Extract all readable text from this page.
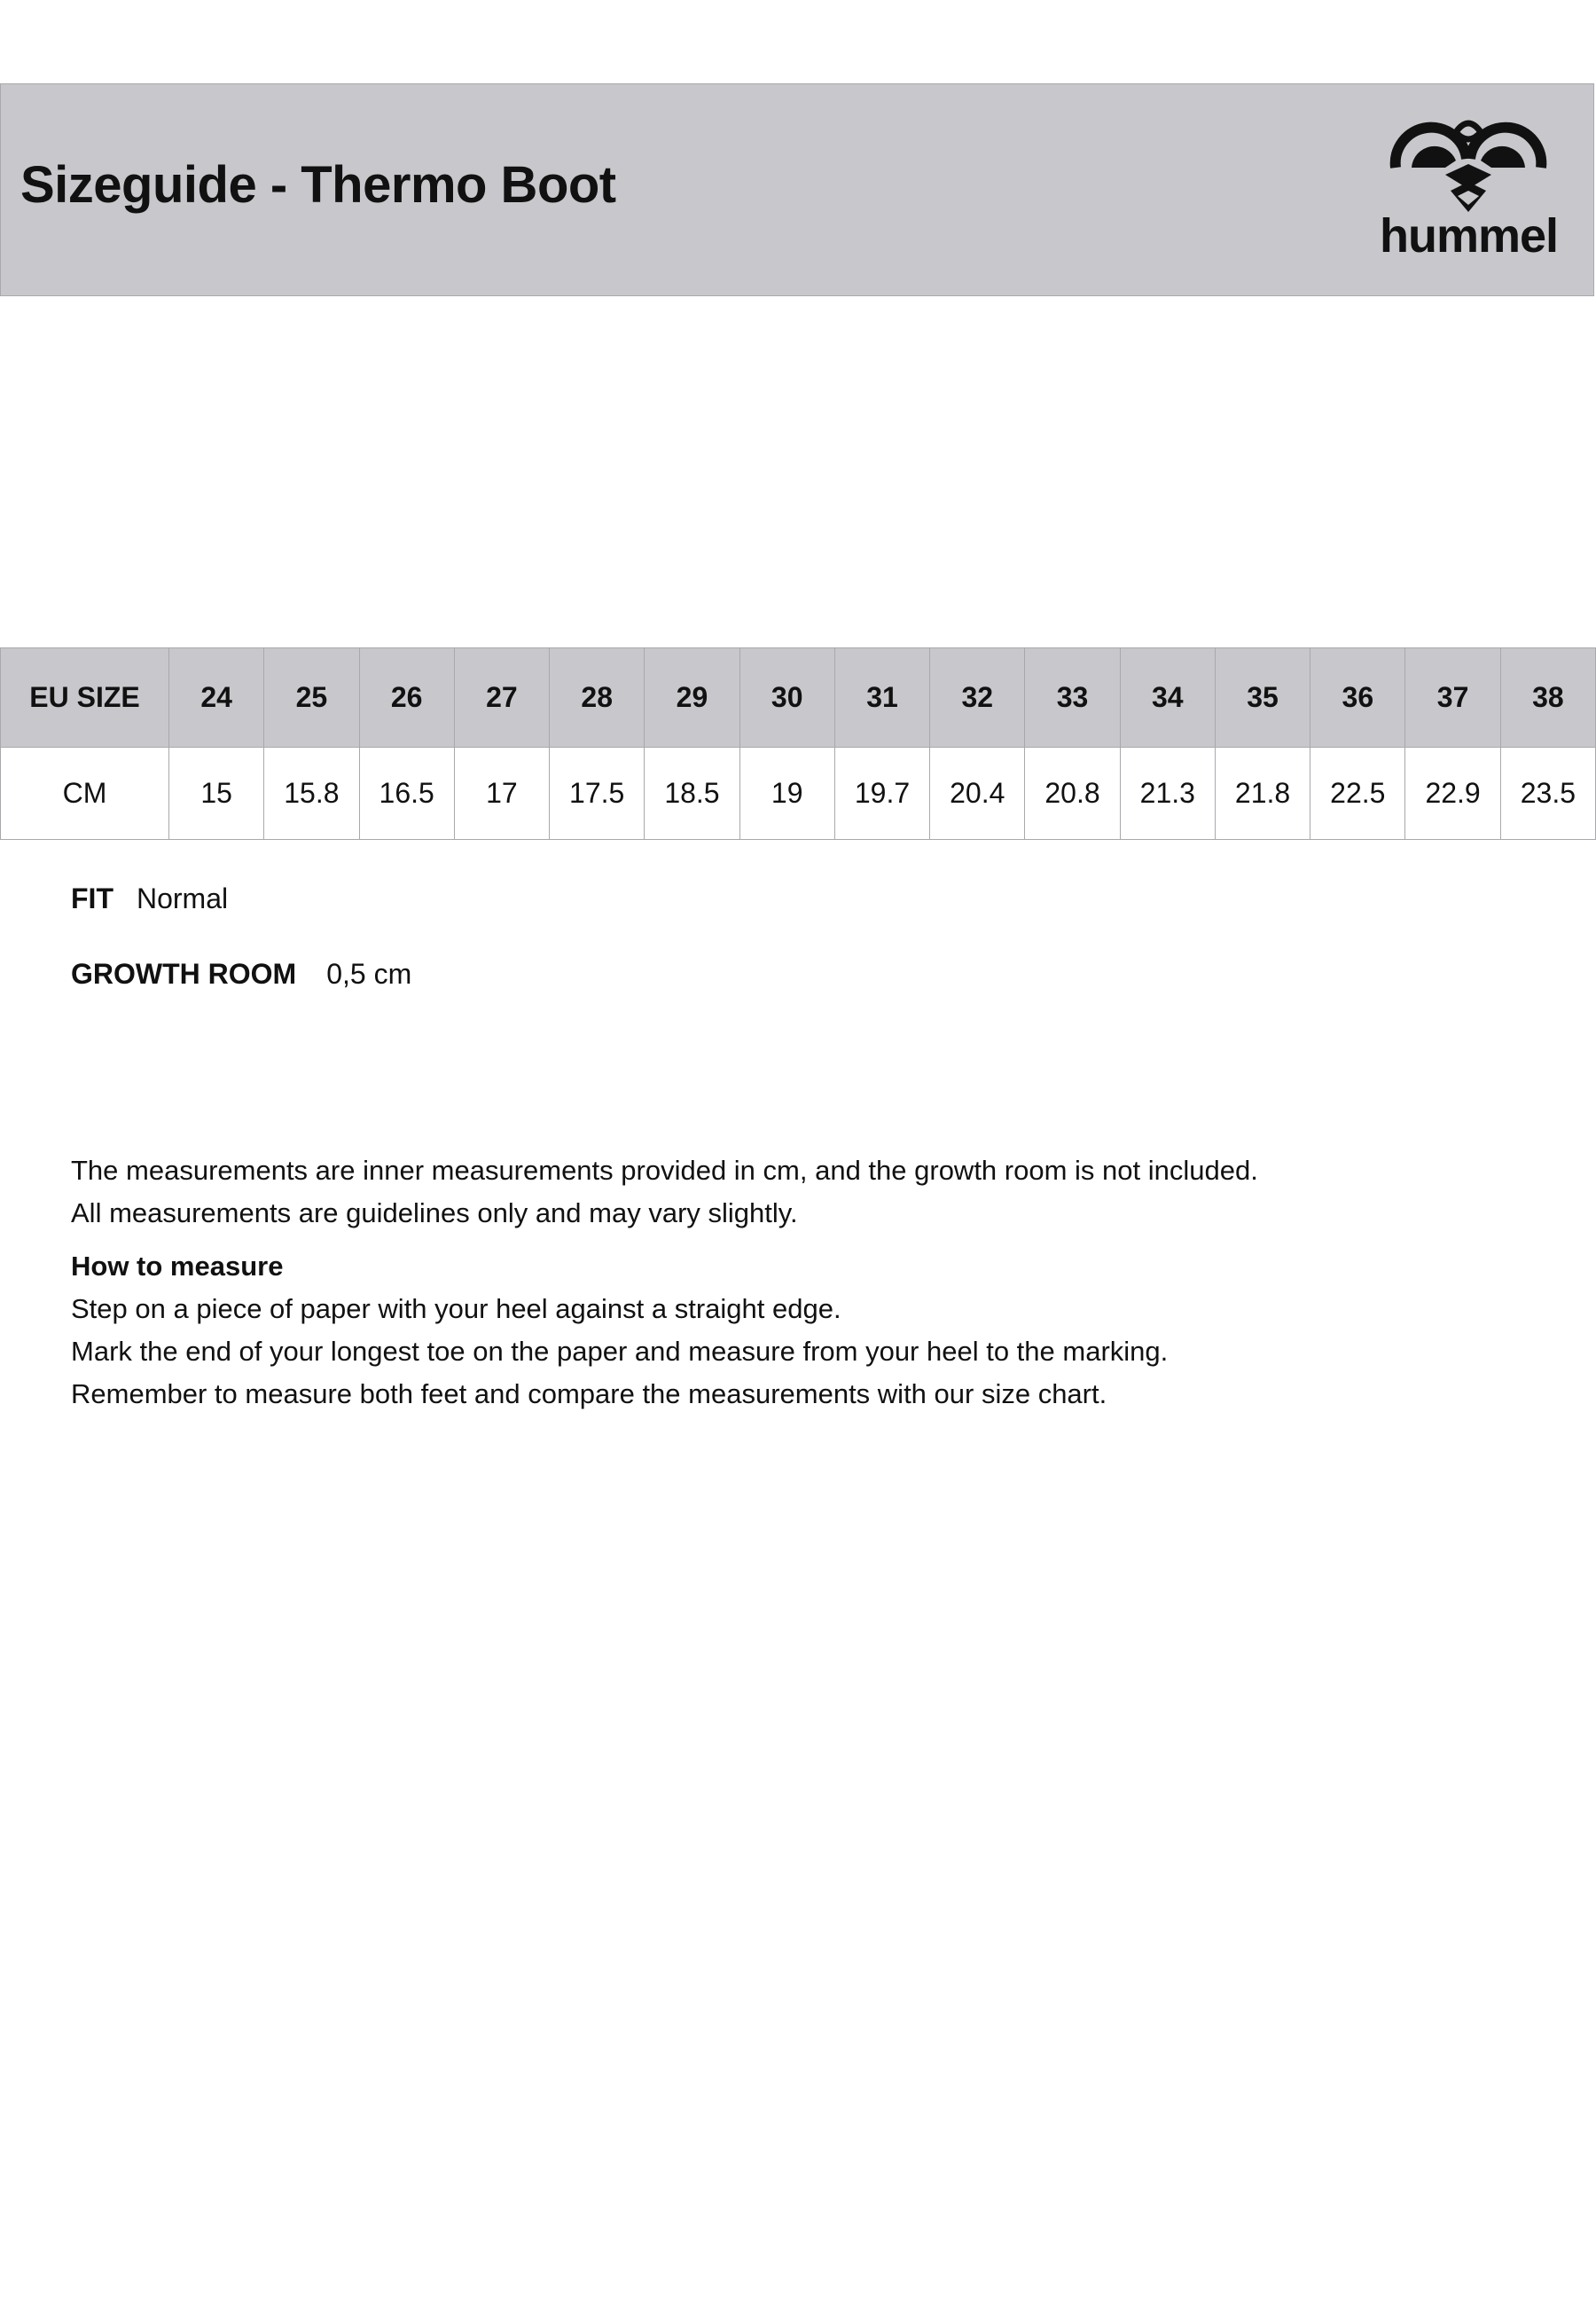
Sizeguide - Thermo Boot
hummel
EU SIZE	24	25	26	27	28	29	30	31	32	33	34	35	36	37	38
CM	15	15.8	16.5	17	17.5	18.5	19	19.7	20.4	20.8	21.3	21.8	22.5	22.9	23.5
FIT Normal
GROWTH ROOM 0,5 cm
The measurements are inner measurements provided in cm, and the growth room is not included.
All measurements are guidelines only and may vary slightly.
How to measure
Step on a piece of paper with your heel against a straight edge.
Mark the end of your longest toe on the paper and measure from your heel to the marking.
Remember to measure both feet and compare the measurements with our size chart.
